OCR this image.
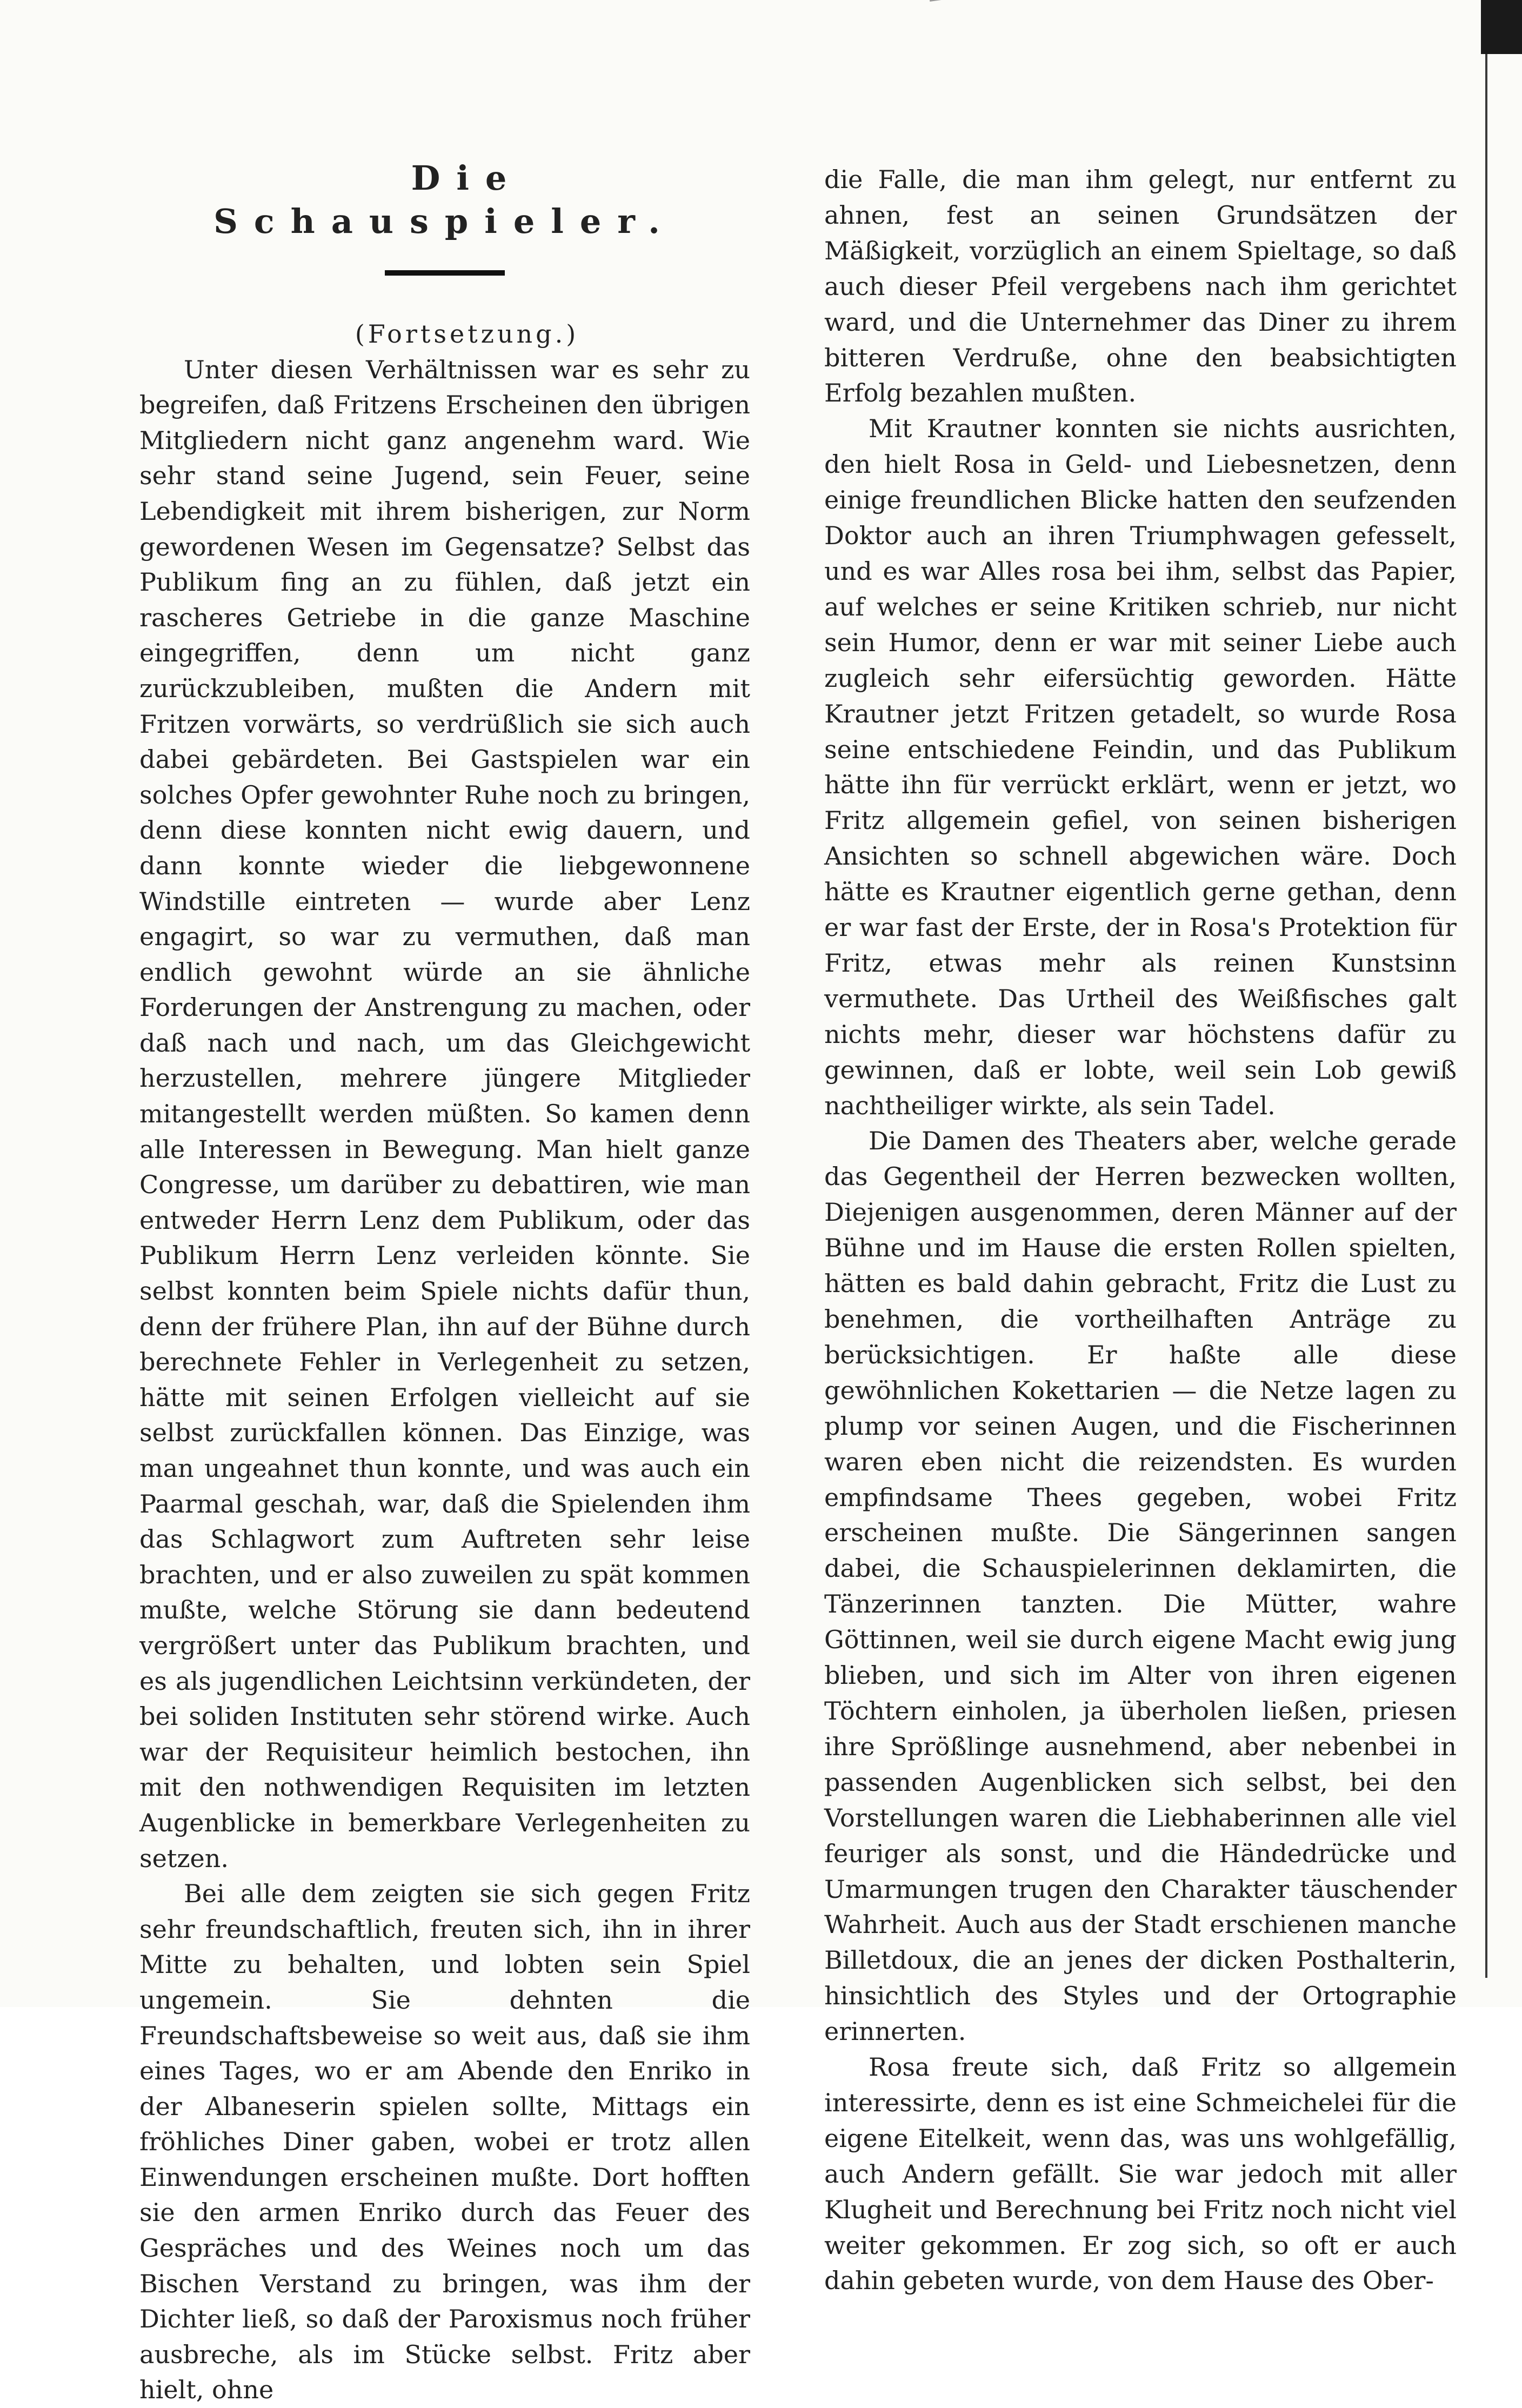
Die Schauspieler.

(Fortsetzung.)

Unter diesen Verhältnissen war es sehr zu begreifen, daß Fritzens Erscheinen den übrigen Mitgliedern nicht ganz angenehm ward. Wie sehr stand seine Jugend, sein Feuer, seine Lebendigkeit mit ihrem bisherigen, zur Norm gewordenen Wesen im Gegensatze? Selbst das Publikum fing an zu fühlen, daß jetzt ein rascheres Getriebe in die ganze Maschine eingegriffen, denn um nicht ganz zurückzubleiben, mußten die Andern mit Fritzen vorwärts, so verdrüßlich sie sich auch dabei gebärdeten. Bei Gastspielen war ein solches Opfer gewohnter Ruhe noch zu bringen, denn diese konnten nicht ewig dauern, und dann konnte wieder die liebgewonnene Windstille eintreten — wurde aber Lenz engagirt, so war zu vermuthen, daß man endlich gewohnt würde an sie ähnliche Forderungen der Anstrengung zu machen, oder daß nach und nach, um das Gleichgewicht herzustellen, mehrere jüngere Mitglieder mitangestellt werden müßten. So kamen denn alle Interessen in Bewegung. Man hielt ganze Congresse, um darüber zu debattiren, wie man entweder Herrn Lenz dem Publikum, oder das Publikum Herrn Lenz verleiden könnte. Sie selbst konnten beim Spiele nichts dafür thun, denn der frühere Plan, ihn auf der Bühne durch berechnete Fehler in Verlegenheit zu setzen, hätte mit seinen Erfolgen vielleicht auf sie selbst zurückfallen können. Das Einzige, was man ungeahnet thun konnte, und was auch ein Paarmal geschah, war, daß die Spielenden ihm das Schlagwort zum Auftreten sehr leise brachten, und er also zuweilen zu spät kommen mußte, welche Störung sie dann bedeutend vergrößert unter das Publikum brachten, und es als jugendlichen Leichtsinn verkündeten, der bei soliden Instituten sehr störend wirke. Auch war der Requisiteur heimlich bestochen, ihn mit den nothwendigen Requisiten im letzten Augenblicke in bemerkbare Verlegenheiten zu setzen.

Bei alle dem zeigten sie sich gegen Fritz sehr freundschaftlich, freuten sich, ihn in ihrer Mitte zu behalten, und lobten sein Spiel ungemein. Sie dehnten die Freundschaftsbeweise so weit aus, daß sie ihm eines Tages, wo er am Abende den Enriko in der Albaneserin spielen sollte, Mittags ein fröhliches Diner gaben, wobei er trotz allen Einwendungen erscheinen mußte. Dort hofften sie den armen Enriko durch das Feuer des Gespräches und des Weines noch um das Bischen Verstand zu bringen, was ihm der Dichter ließ, so daß der Paroxismus noch früher ausbreche, als im Stücke selbst. Fritz aber hielt, ohne

die Falle, die man ihm gelegt, nur entfernt zu ahnen, fest an seinen Grundsätzen der Mäßigkeit, vorzüglich an einem Spieltage, so daß auch dieser Pfeil vergebens nach ihm gerichtet ward, und die Unternehmer das Diner zu ihrem bitteren Verdruße, ohne den beabsichtigten Erfolg bezahlen mußten.

Mit Krautner konnten sie nichts ausrichten, den hielt Rosa in Geld- und Liebesnetzen, denn einige freundlichen Blicke hatten den seufzenden Doktor auch an ihren Triumphwagen gefesselt, und es war Alles rosa bei ihm, selbst das Papier, auf welches er seine Kritiken schrieb, nur nicht sein Humor, denn er war mit seiner Liebe auch zugleich sehr eifersüchtig geworden. Hätte Krautner jetzt Fritzen getadelt, so wurde Rosa seine entschiedene Feindin, und das Publikum hätte ihn für verrückt erklärt, wenn er jetzt, wo Fritz allgemein gefiel, von seinen bisherigen Ansichten so schnell abgewichen wäre. Doch hätte es Krautner eigentlich gerne gethan, denn er war fast der Erste, der in Rosa's Protektion für Fritz, etwas mehr als reinen Kunstsinn vermuthete. Das Urtheil des Weißfisches galt nichts mehr, dieser war höchstens dafür zu gewinnen, daß er lobte, weil sein Lob gewiß nachtheiliger wirkte, als sein Tadel.

Die Damen des Theaters aber, welche gerade das Gegentheil der Herren bezwecken wollten, Diejenigen ausgenommen, deren Männer auf der Bühne und im Hause die ersten Rollen spielten, hätten es bald dahin gebracht, Fritz die Lust zu benehmen, die vortheilhaften Anträge zu berücksichtigen. Er haßte alle diese gewöhnlichen Kokettarien — die Netze lagen zu plump vor seinen Augen, und die Fischerinnen waren eben nicht die reizendsten. Es wurden empfindsame Thees gegeben, wobei Fritz erscheinen mußte. Die Sängerinnen sangen dabei, die Schauspielerinnen deklamirten, die Tänzerinnen tanzten. Die Mütter, wahre Göttinnen, weil sie durch eigene Macht ewig jung blieben, und sich im Alter von ihren eigenen Töchtern einholen, ja überholen ließen, priesen ihre Sprößlinge ausnehmend, aber nebenbei in passenden Augenblicken sich selbst, bei den Vorstellungen waren die Liebhaberinnen alle viel feuriger als sonst, und die Händedrücke und Umarmungen trugen den Charakter täuschender Wahrheit. Auch aus der Stadt erschienen manche Billetdoux, die an jenes der dicken Posthalterin, hinsichtlich des Styles und der Ortographie erinnerten.

Rosa freute sich, daß Fritz so allgemein interessirte, denn es ist eine Schmeichelei für die eigene Eitelkeit, wenn das, was uns wohlgefällig, auch Andern gefällt. Sie war jedoch mit aller Klugheit und Berechnung bei Fritz noch nicht viel weiter gekommen. Er zog sich, so oft er auch dahin gebeten wurde, von dem Hause des Ober-
